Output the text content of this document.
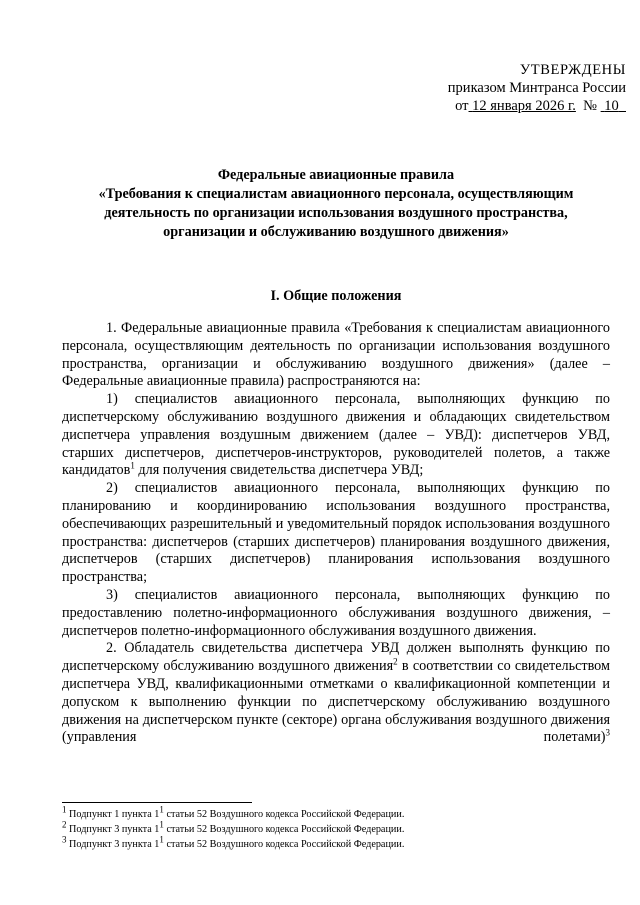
УТВЕРЖДЕНЫ
приказом Минтранса России
от 12 января 2026 г. № 10
Федеральные авиационные правила
«Требования к специалистам авиационного персонала, осуществляющим
деятельность по организации использования воздушного пространства,
организации и обслуживанию воздушного движения»
I. Общие положения

1. Федеральные авиационные правила «Требования к специалистам авиационного персонала, осуществляющим деятельность по организации использования воздушного пространства, организации и обслуживанию воздушного движения» (далее – Федеральные авиационные правила) распространяются на:

1) специалистов авиационного персонала, выполняющих функцию по диспетчерскому обслуживанию воздушного движения и обладающих свидетельством диспетчера управления воздушным движением (далее – УВД): диспетчеров УВД, старших диспетчеров, диспетчеров-инструкторов, руководителей полетов, а также кандидатов$^1$ для получения свидетельства диспетчера УВД;

2) специалистов авиационного персонала, выполняющих функцию по планированию и координированию использования воздушного пространства, обеспечивающих разрешительный и уведомительный порядок использования воздушного пространства: диспетчеров (старших диспетчеров) планирования воздушного движения, диспетчеров (старших диспетчеров) планирования использования воздушного пространства;

3) специалистов авиационного персонала, выполняющих функцию по предоставлению полетно-информационного обслуживания воздушного движения, – диспетчеров полетно-информационного обслуживания воздушного движения.

2. Обладатель свидетельства диспетчера УВД должен выполнять функцию по диспетчерскому обслуживанию воздушного движения$^2$ в соответствии со свидетельством диспетчера УВД, квалификационными отметками о квалификационной компетенции и допуском к выполнению функции по диспетчерскому обслуживанию воздушного движения на диспетчерском пункте (секторе) органа обслуживания воздушного движения (управления полетами)$^3$

$^1$ Подпункт 1 пункта $1^1$ статьи 52 Воздушного кодекса Российской Федерации.
$^2$ Подпункт 3 пункта $1^1$ статьи 52 Воздушного кодекса Российской Федерации.
$^3$ Подпункт 3 пункта $1^1$ статьи 52 Воздушного кодекса Российской Федерации.
